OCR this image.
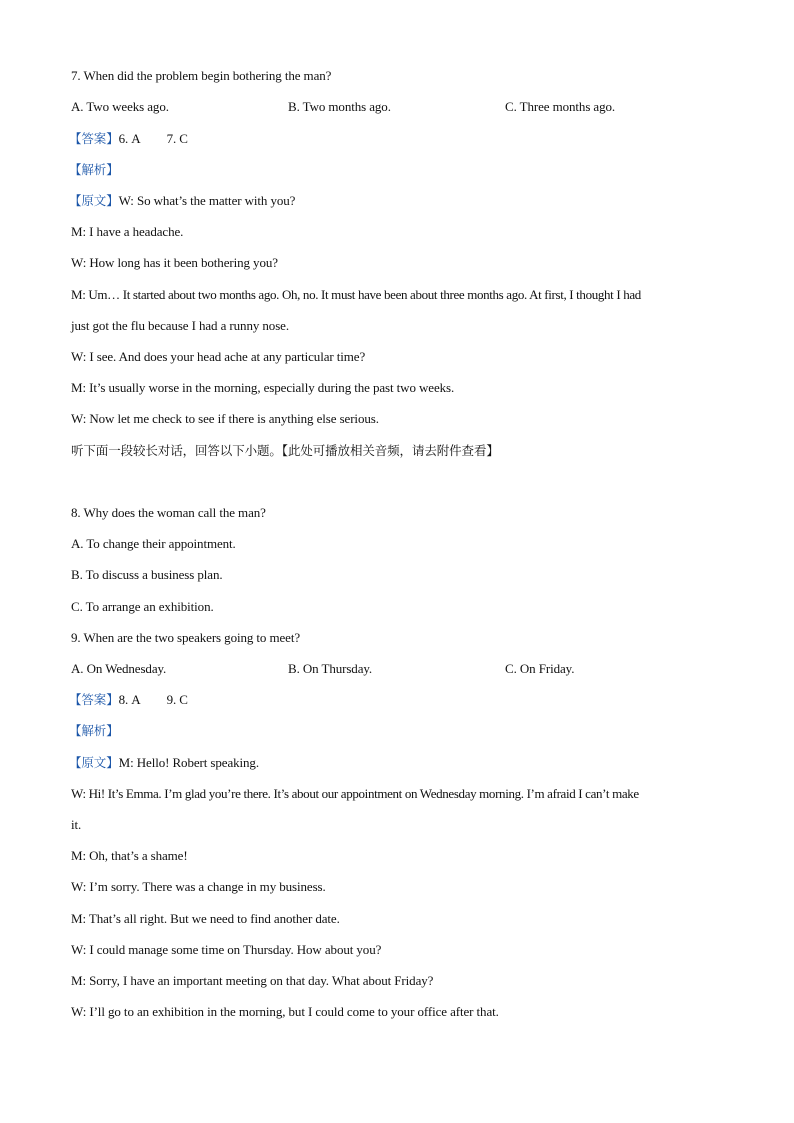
7. When did the problem begin bothering the man?
A. Two weeks ago.	B. Two months ago.	C. Three months ago.
【答案】6. A 7. C
【解析】
【原文】W: So what’s the matter with you?
M: I have a headache.
W: How long has it been bothering you?
M: Um… It started about two months ago. Oh, no. It must have been about three months ago. At first, I thought I had
just got the flu because I had a runny nose.
W: I see. And does your head ache at any particular time?
M: It’s usually worse in the morning, especially during the past two weeks.
W: Now let me check to see if there is anything else serious.
听下面一段较长对话，回答以下小题。【此处可播放相关音频，请去附件查看】
8. Why does the woman call the man?
A. To change their appointment.
B. To discuss a business plan.
C. To arrange an exhibition.
9. When are the two speakers going to meet?
A. On Wednesday.	B. On Thursday.	C. On Friday.
【答案】8. A 9. C
【解析】
【原文】M: Hello! Robert speaking.
W: Hi! It’s Emma. I’m glad you’re there. It’s about our appointment on Wednesday morning. I’m afraid I can’t make
it.
M: Oh, that’s a shame!
W: I’m sorry. There was a change in my business.
M: That’s all right. But we need to find another date.
W: I could manage some time on Thursday. How about you?
M: Sorry, I have an important meeting on that day. What about Friday?
W: I’ll go to an exhibition in the morning, but I could come to your office after that.
